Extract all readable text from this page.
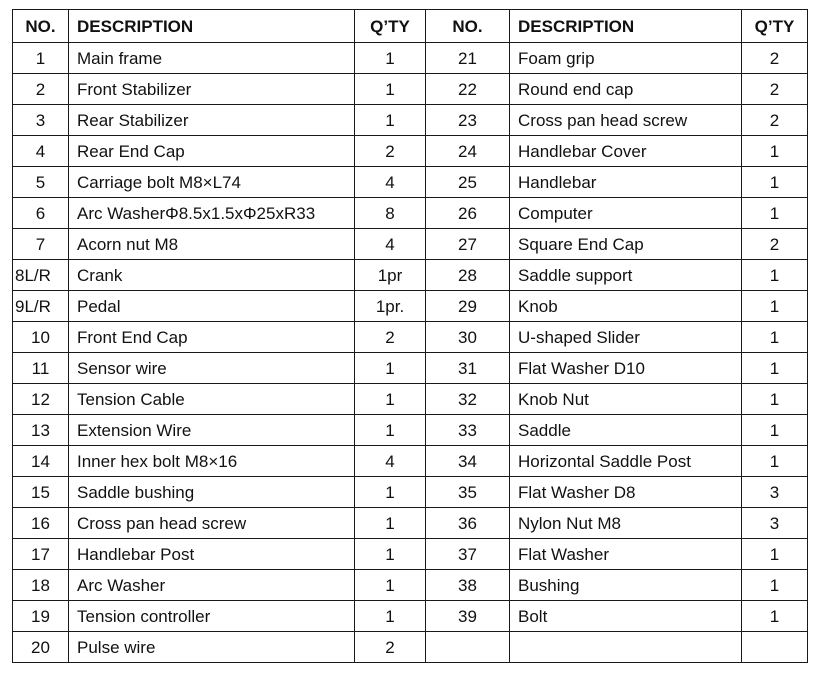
NO.	DESCRIPTION	Q’TY	NO.	DESCRIPTION	Q’TY
1	Main frame	1	21	Foam grip	2
2	Front Stabilizer	1	22	Round end cap	2
3	Rear Stabilizer	1	23	Cross pan head screw	2
4	Rear End Cap	2	24	Handlebar Cover	1
5	Carriage bolt M8×L74	4	25	Handlebar	1
6	Arc WasherΦ8.5x1.5xΦ25xR33	8	26	Computer	1
7	Acorn nut M8	4	27	Square End Cap	2
8L/R	Crank	1pr	28	Saddle support	1
9L/R	Pedal	1pr.	29	Knob	1
10	Front End Cap	2	30	U-shaped Slider	1
11	Sensor wire	1	31	Flat Washer D10	1
12	Tension Cable	1	32	Knob Nut	1
13	Extension Wire	1	33	Saddle	1
14	Inner hex bolt M8×16	4	34	Horizontal Saddle Post	1
15	Saddle bushing	1	35	Flat Washer D8	3
16	Cross pan head screw	1	36	Nylon Nut M8	3
17	Handlebar Post	1	37	Flat Washer	1
18	Arc Washer	1	38	Bushing	1
19	Tension controller	1	39	Bolt	1
20	Pulse wire	2			
